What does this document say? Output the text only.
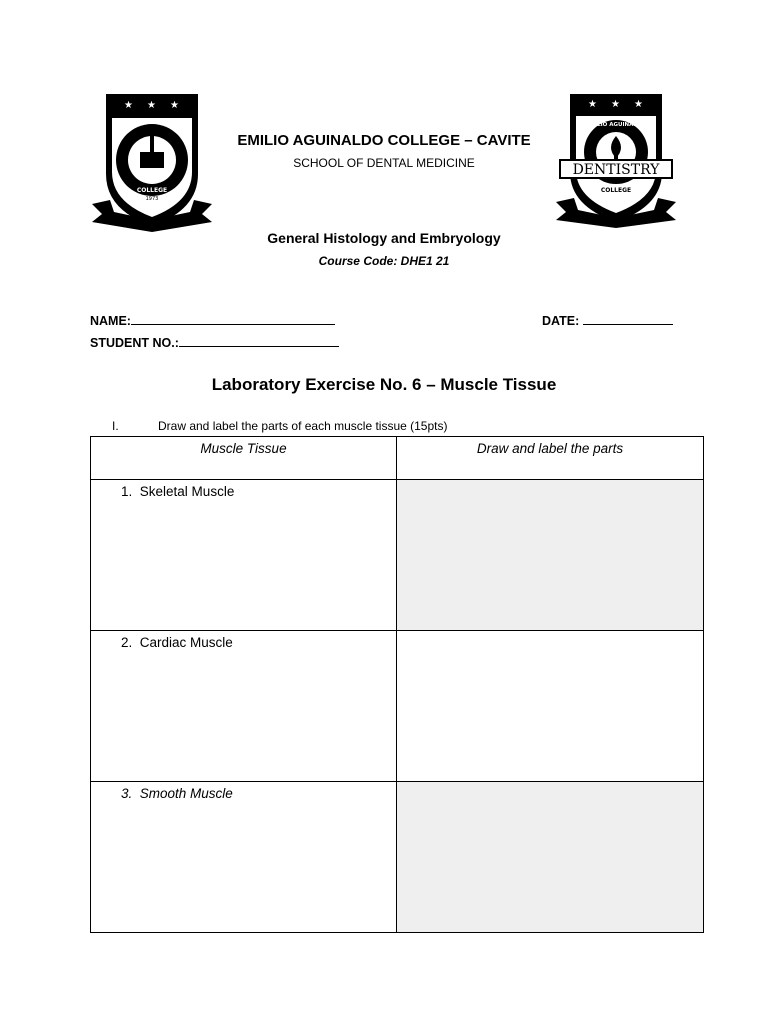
★ ★ ★
EMILIO AGUINALDO
COLLEGE
1973
★ ★ ★
EMILIO AGUINALDO
DENTISTRY
COLLEGE
EMILIO AGUINALDO COLLEGE – CAVITE
SCHOOL OF DENTAL MEDICINE
General Histology and Embryology
Course Code: DHE1 21
NAME:
STUDENT NO.:
DATE:
Laboratory Exercise No. 6 – Muscle Tissue
I.	Draw and label the parts of each muscle tissue (15pts)
Muscle Tissue	Draw and label the parts

1. Skeletal Muscle	

2. Cardiac Muscle	

3. Smooth Muscle	
